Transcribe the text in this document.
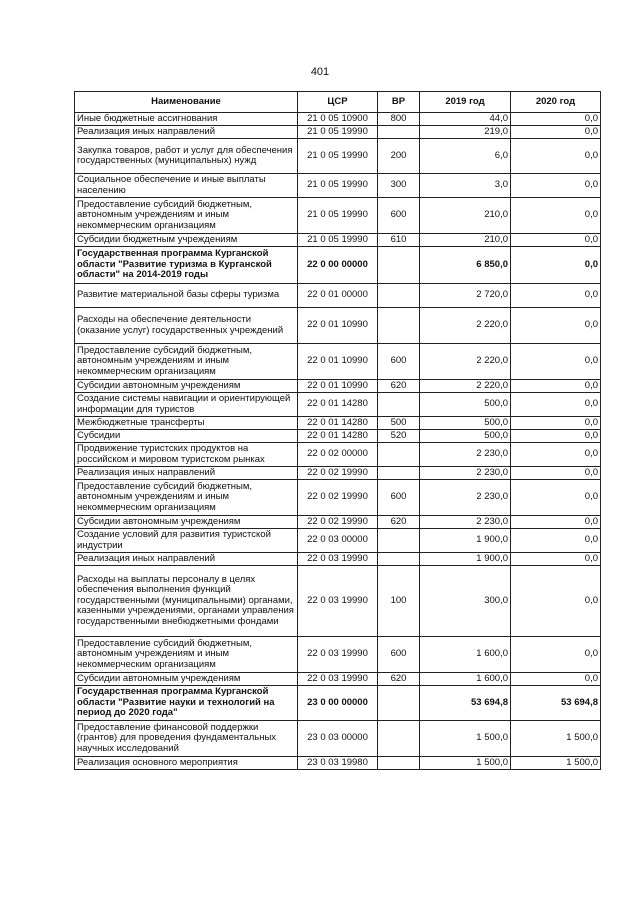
401
Наименование	ЦСР	ВР	2019 год	2020 год
Иные бюджетные ассигнования	21 0 05 10900	800	44,0	0,0
Реализация иных направлений	21 0 05 19990		219,0	0,0
Закупка товаров, работ и услуг для обеспечения государственных (муниципальных) нужд	21 0 05 19990	200	6,0	0,0
Социальное обеспечение и иные выплаты населению	21 0 05 19990	300	3,0	0,0
Предоставление субсидий бюджетным, автономным учреждениям и иным некоммерческим организациям	21 0 05 19990	600	210,0	0,0
Субсидии бюджетным учреждениям	21 0 05 19990	610	210,0	0,0
Государственная программа Курганской области "Развитие туризма в Курганской области" на 2014-2019 годы	22 0 00 00000		6 850,0	0,0
Развитие материальной базы сферы туризма	22 0 01 00000		2 720,0	0,0
Расходы на обеспечение деятельности (оказание услуг) государственных учреждений	22 0 01 10990		2 220,0	0,0
Предоставление субсидий бюджетным, автономным учреждениям и иным некоммерческим организациям	22 0 01 10990	600	2 220,0	0,0
Субсидии автономным учреждениям	22 0 01 10990	620	2 220,0	0,0
Создание системы навигации и ориентирующей информации для туристов	22 0 01 14280		500,0	0,0
Межбюджетные трансферты	22 0 01 14280	500	500,0	0,0
Субсидии	22 0 01 14280	520	500,0	0,0
Продвижение туристских продуктов на российском и мировом туристском рынках	22 0 02 00000		2 230,0	0,0
Реализация иных направлений	22 0 02 19990		2 230,0	0,0
Предоставление субсидий бюджетным, автономным учреждениям и иным некоммерческим организациям	22 0 02 19990	600	2 230,0	0,0
Субсидии автономным учреждениям	22 0 02 19990	620	2 230,0	0,0
Создание условий для развития туристской индустрии	22 0 03 00000		1 900,0	0,0
Реализация иных направлений	22 0 03 19990		1 900,0	0,0
Расходы на выплаты персоналу в целях обеспечения выполнения функций государственными (муниципальными) органами, казенными учреждениями, органами управления государственными внебюджетными фондами	22 0 03 19990	100	300,0	0,0
Предоставление субсидий бюджетным, автономным учреждениям и иным некоммерческим организациям	22 0 03 19990	600	1 600,0	0,0
Субсидии автономным учреждениям	22 0 03 19990	620	1 600,0	0,0
Государственная программа Курганской области "Развитие науки и технологий на период до 2020 года"	23 0 00 00000		53 694,8	53 694,8
Предоставление финансовой поддержки (грантов) для проведения фундаментальных научных исследований	23 0 03 00000		1 500,0	1 500,0
Реализация основного мероприятия	23 0 03 19980		1 500,0	1 500,0
